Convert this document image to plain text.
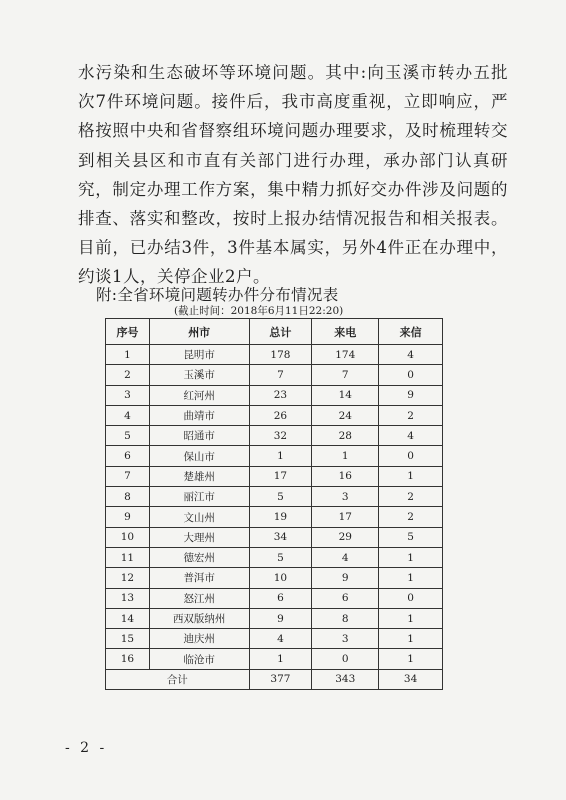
水污染和生态破坏等环境问题。其中:向玉溪市转办五批次7件环境问题。接件后，我市高度重视，立即响应，严格按照中央和省督察组环境问题办理要求，及时梳理转交到相关县区和市直有关部门进行办理，承办部门认真研究，制定办理工作方案，集中精力抓好交办件涉及问题的排查、落实和整改，按时上报办结情况报告和相关报表。目前，已办结3件，3件基本属实，另外4件正在办理中，约谈1人，关停企业2户。

附:全省环境问题转办件分布情况表

(截止时间：2018年6月11日22:20)

序号	州市	总计	来电	来信
1	昆明市	178	174	4
2	玉溪市	7	7	0
3	红河州	23	14	9
4	曲靖市	26	24	2
5	昭通市	32	28	4
6	保山市	1	1	0
7	楚雄州	17	16	1
8	丽江市	5	3	2
9	文山州	19	17	2
10	大理州	34	29	5
11	德宏州	5	4	1
12	普洱市	10	9	1
13	怒江州	6	6	0
14	西双版纳州	9	8	1
15	迪庆州	4	3	1
16	临沧市	1	0	1
合计		377	343	34

- 2 -
